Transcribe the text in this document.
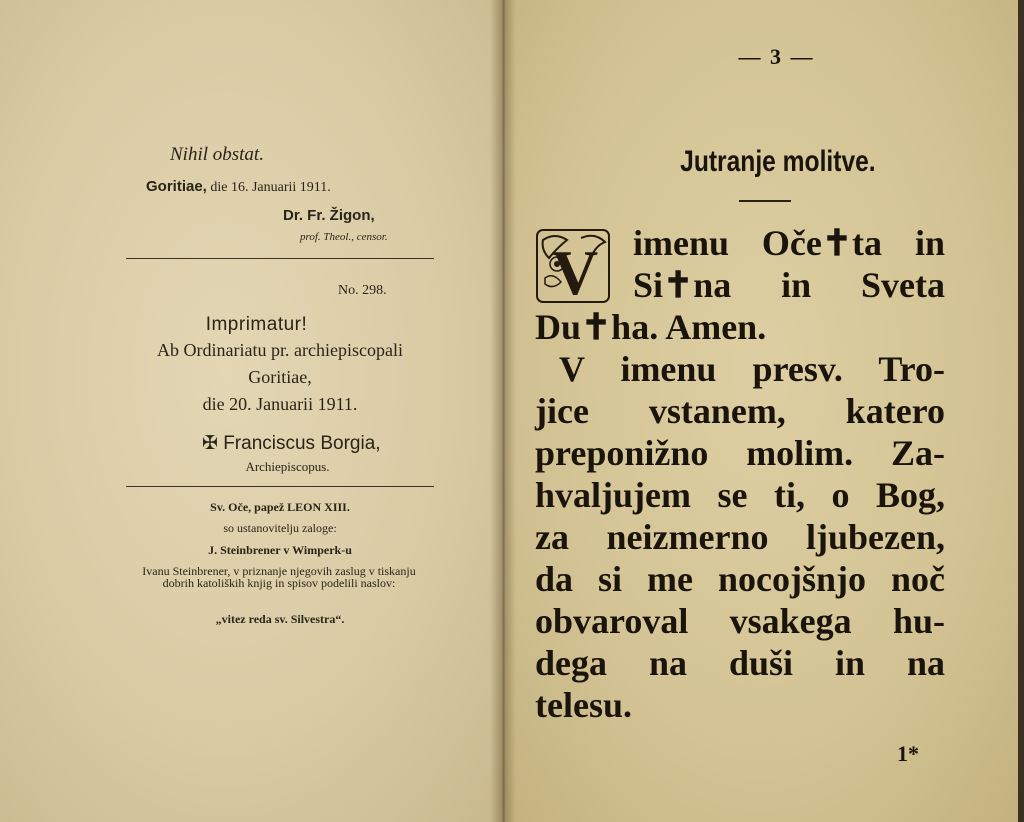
Nihil obstat.
Goritiae, die 16. Januarii 1911.
Dr. Fr. Žigon,
prof. Theol., censor.
No. 298.
Imprimatur!
Ab Ordinariatu pr. archiepiscopali
Goritiae,
die 20. Januarii 1911.
✠ Francisc​us Borgia,
Archiepiscopus.
Sv. Oče, papež LEON XIII.
so ustanovitelju zaloge:
J. Steinbrener v Wimperk-u
Ivanu Steinbrener, v priznanje njegovih zaslug v tiskanju dobrih katoliških knjig in spisov podelili naslov:
„vitez reda sv. Silvestra“.
— 3 —
Jutranje molitve.
V imenu Oče✝ta in
Si✝na in Sveta
Du✝ha. Amen.
V imenu presv. Tro-
jice vstanem, katero
preponižno molim. Za-
hvaljujem se ti, o Bog,
za neizmerno ljubezen,
da si me nocojšnjo noč
obvaroval vsakega hu-
dega na duši in na
telesu.
1*
